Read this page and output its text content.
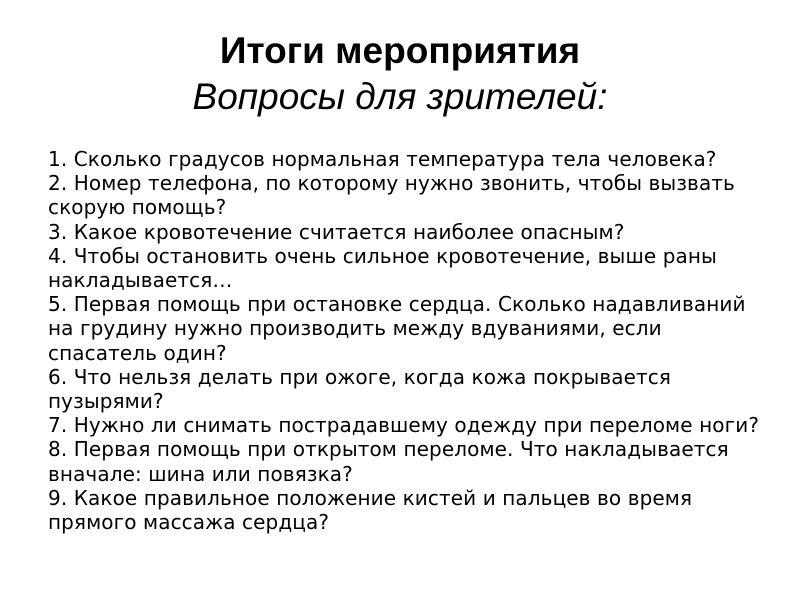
Итоги мероприятия
Вопросы для зрителей:
1. Сколько градусов нормальная температура тела человека?
2. Номер телефона, по которому нужно звонить, чтобы вызвать скорую помощь?
3. Какое кровотечение считается наиболее опасным?
4. Чтобы остановить очень сильное кровотечение, выше раны накладывается…
5. Первая помощь при остановке сердца. Сколько надавливаний на грудину нужно производить между вдуваниями, если спасатель один?
6. Что нельзя делать при ожоге, когда кожа покрывается пузырями?
7. Нужно ли снимать пострадавшему одежду при переломе ноги?
8. Первая помощь при открытом переломе. Что накладывается вначале: шина или повязка?
9. Какое правильное положение кистей и пальцев во время прямого массажа сердца?
